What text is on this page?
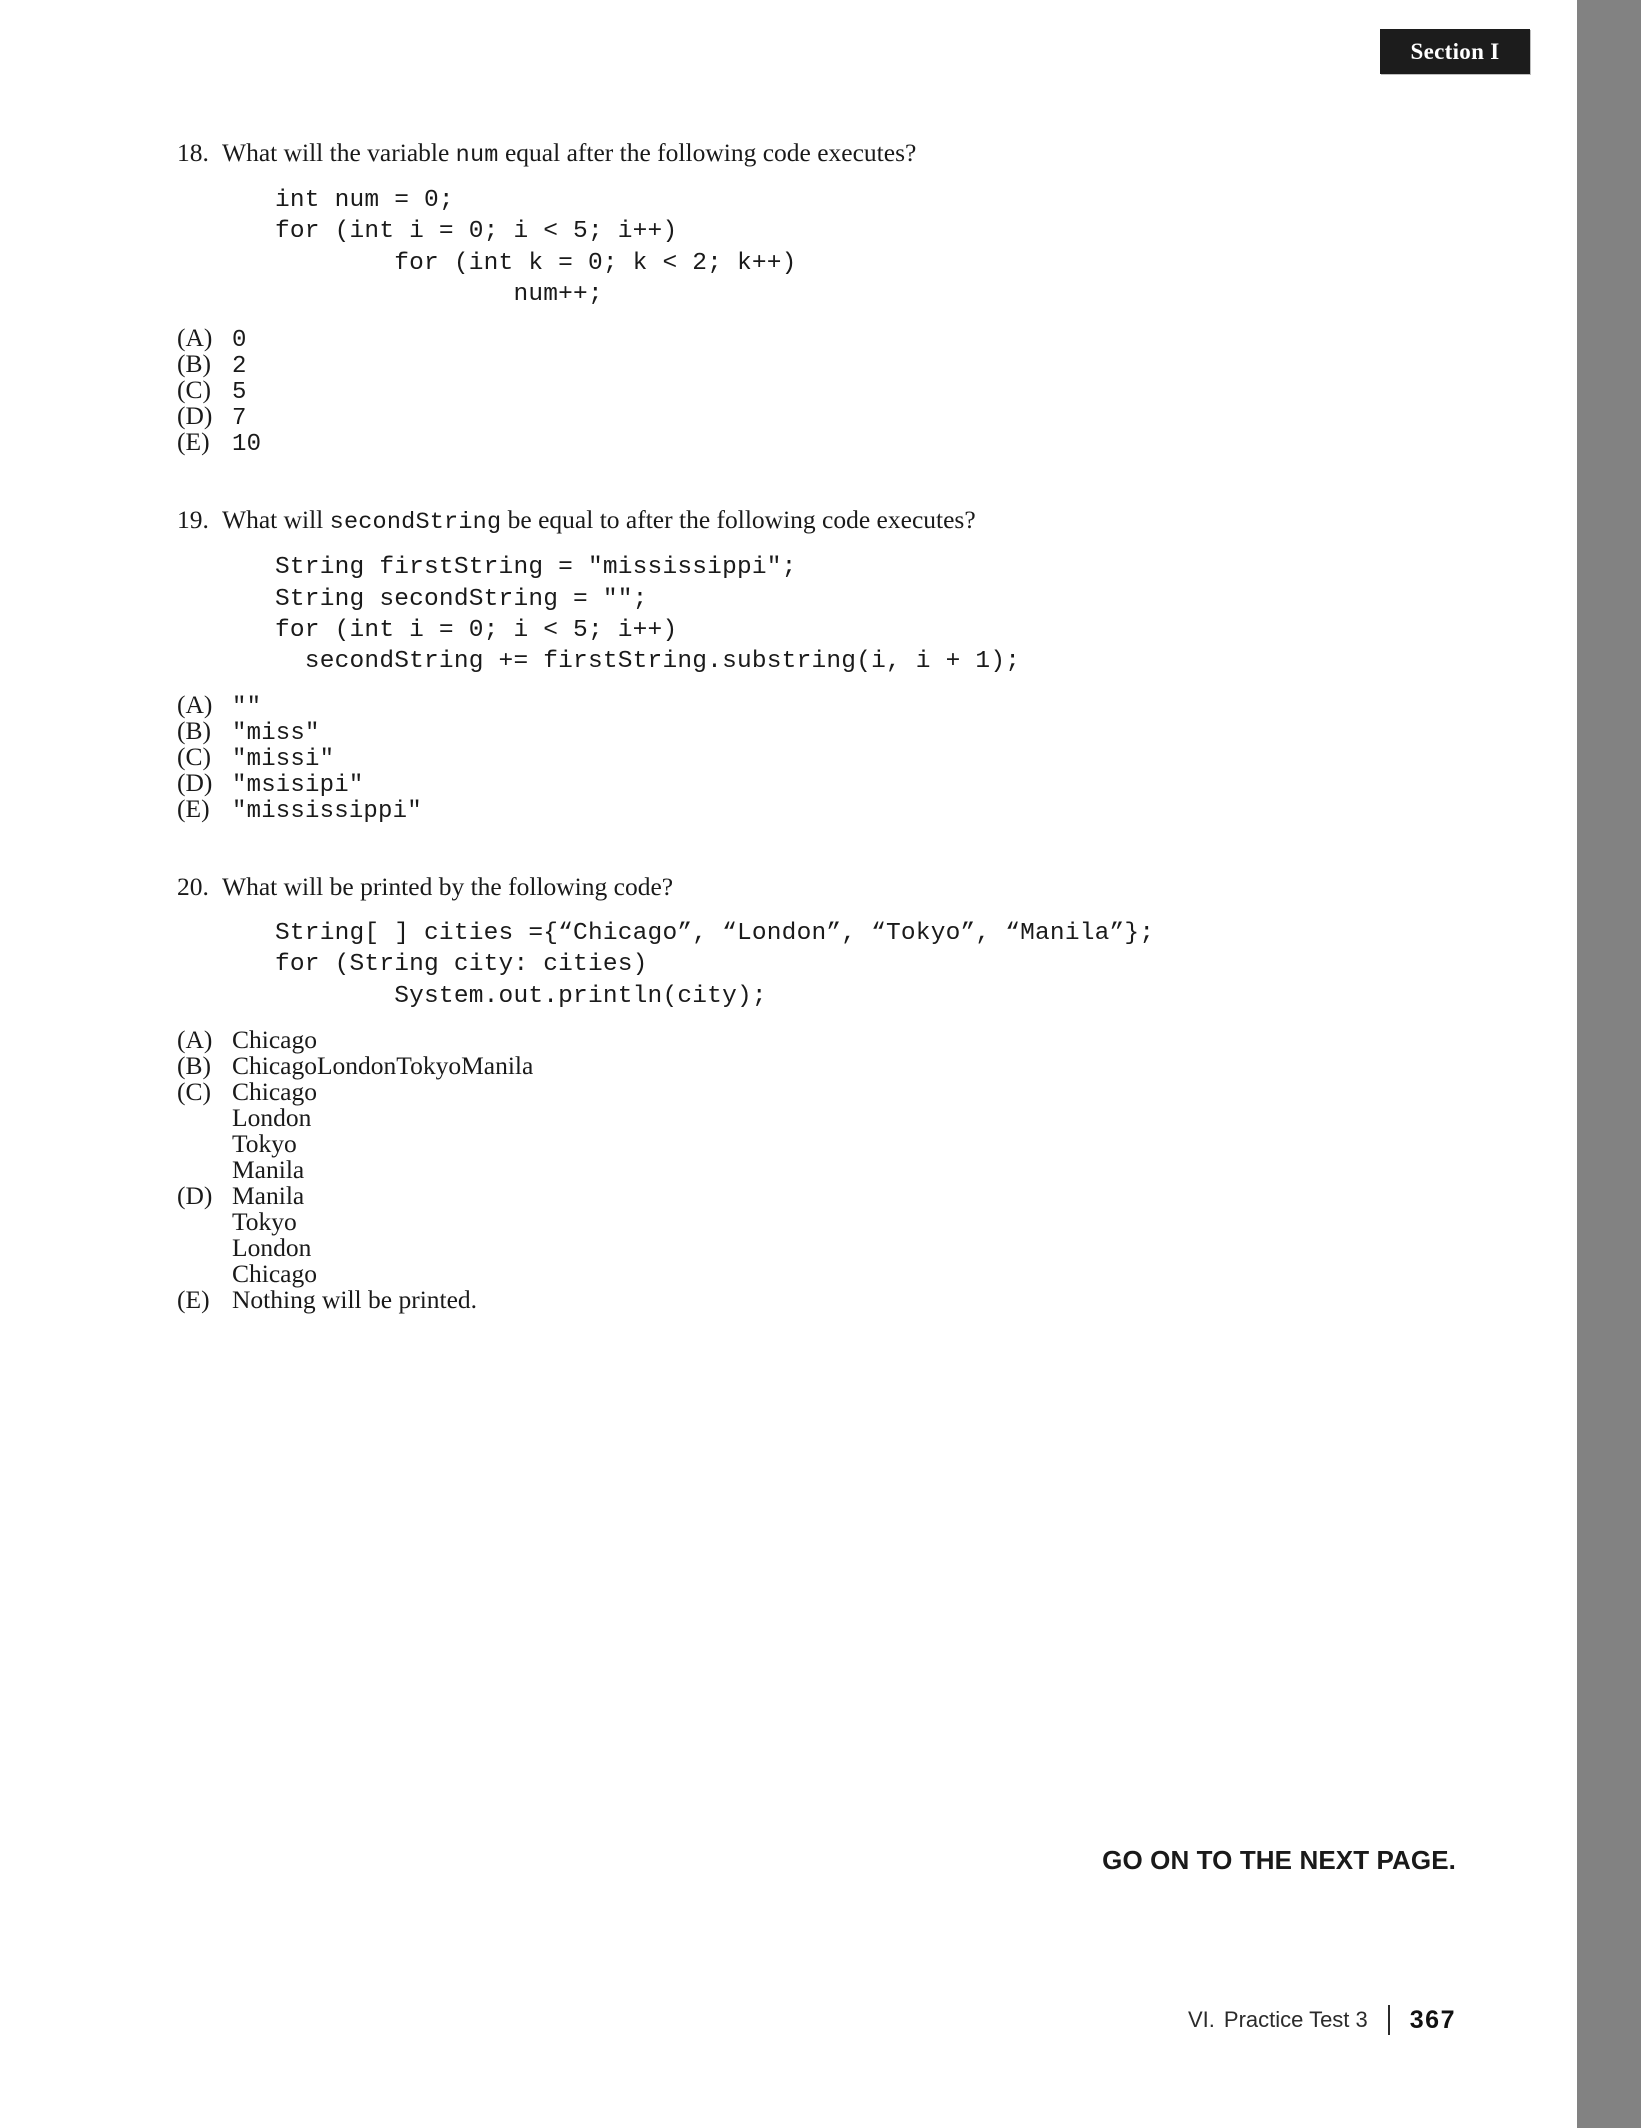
Section I
18. What will the variable num equal after the following code executes?
int num = 0;
for (int i = 0; i < 5; i++)
for (int k = 0; k < 2; k++)
num++;
(A) 0
(B) 2
(C) 5
(D) 7
(E) 10
19. What will secondString be equal to after the following code executes?
String firstString = "mississippi";
String secondString = "";
for (int i = 0; i < 5; i++)
secondString += firstString.substring(i, i + 1);
(A) ""
(B) "miss"
(C) "missi"
(D) "msisipi"
(E) "mississippi"
20. What will be printed by the following code?
String[ ] cities ={“Chicago”, “London”, “Tokyo”, “Manila”};
for (String city: cities)
System.out.println(city);
(A) Chicago
(B) ChicagoLondonTokyoManila
(C) Chicago
London
Tokyo
Manila
(D) Manila
Tokyo
London
Chicago
(E) Nothing will be printed.
GO ON TO THE NEXT PAGE.
VI. Practice Test 3 367
